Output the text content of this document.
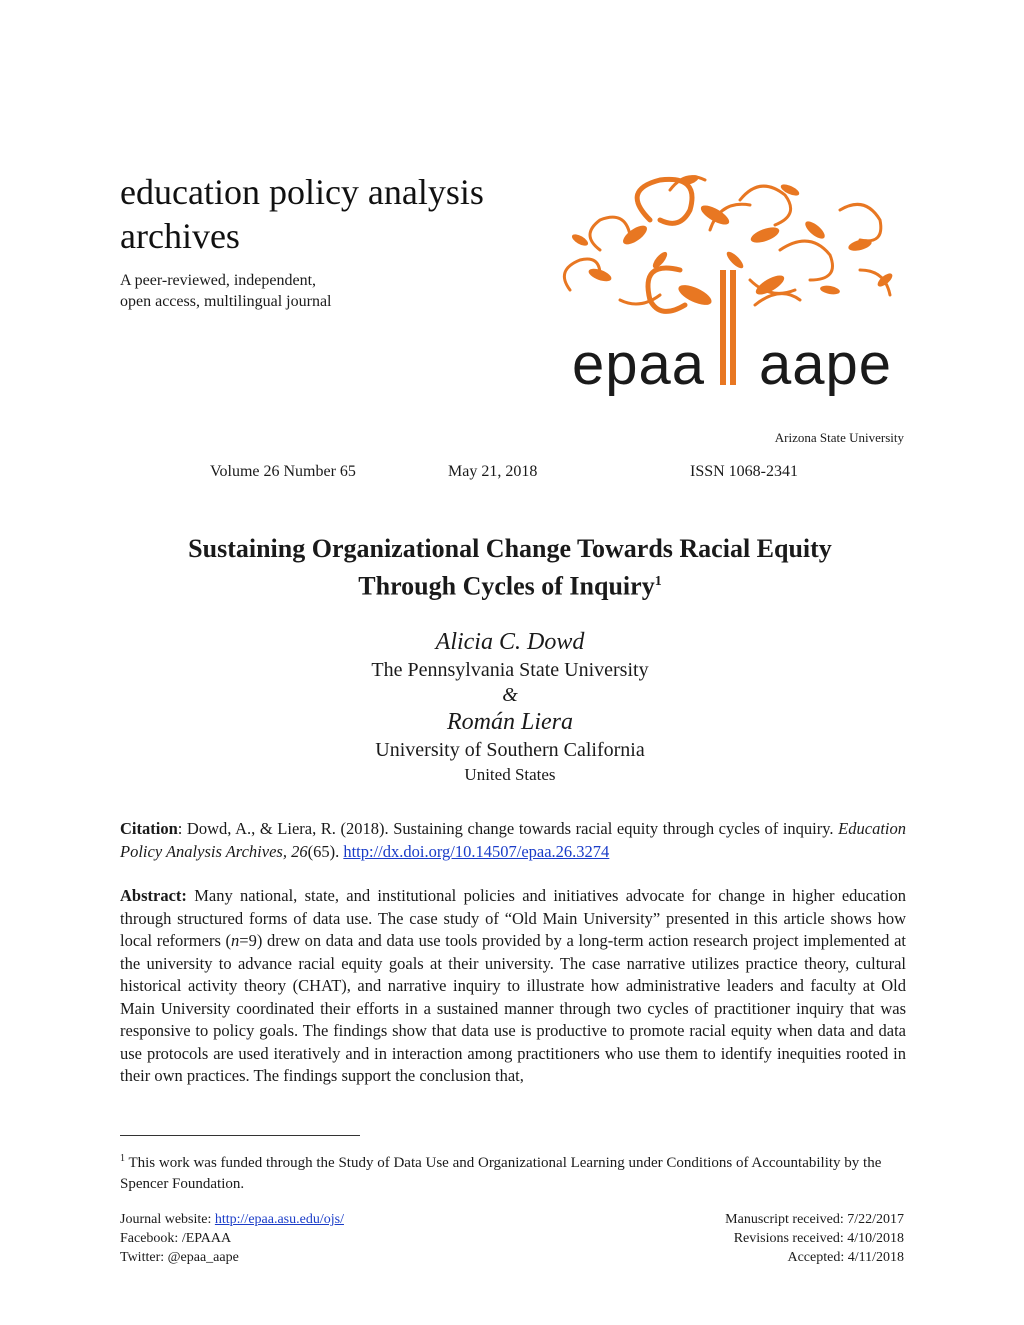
education policy analysis
archives
A peer-reviewed, independent,
open access, multilingual journal
epaa aape
Arizona State University
Volume 26 Number 65	May 21, 2018	ISSN 1068-2341
Sustaining Organizational Change Towards Racial Equity
Through Cycles of Inquiry$^1$
Alicia C. Dowd
The Pennsylvania State University
&
Román Liera
University of Southern California
United States
Citation: Dowd, A., & Liera, R. (2018). Sustaining change towards racial equity through cycles of inquiry. Education Policy Analysis Archives, 26(65). http://dx.doi.org/10.14507/epaa.26.3274
Abstract: Many national, state, and institutional policies and initiatives advocate for change in higher education through structured forms of data use. The case study of “Old Main University” presented in this article shows how local reformers (n=9) drew on data and data use tools provided by a long-term action research project implemented at the university to advance racial equity goals at their university. The case narrative utilizes practice theory, cultural historical activity theory (CHAT), and narrative inquiry to illustrate how administrative leaders and faculty at Old Main University coordinated their efforts in a sustained manner through two cycles of practitioner inquiry that was responsive to policy goals. The findings show that data use is productive to promote racial equity when data and data use protocols are used iteratively and in interaction among practitioners who use them to identify inequities rooted in their own practices. The findings support the conclusion that,
$^1$ This work was funded through the Study of Data Use and Organizational Learning under Conditions of Accountability by the Spencer Foundation.
Journal website: http://epaa.asu.edu/ojs/
Facebook: /EPAAA
Twitter: @epaa_aape
Manuscript received: 7/22/2017
Revisions received: 4/10/2018
Accepted: 4/11/2018
